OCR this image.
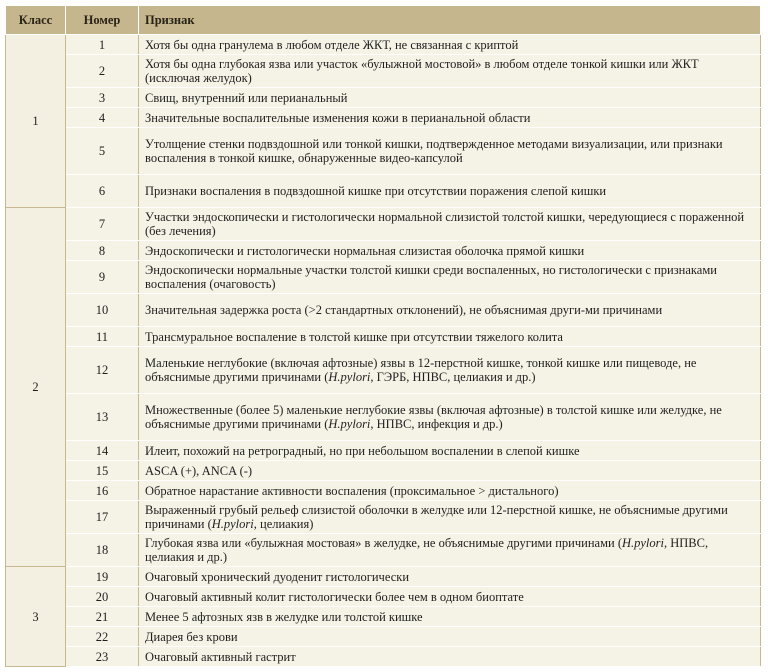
Класс	Номер	Признак
1	1	Хотя бы одна гранулема в любом отделе ЖКТ, не связанная с криптой
	2	Хотя бы одна глубокая язва или участок «булыжной мостовой» в любом отделе тонкой кишки или ЖКТ (исключая желудок)
	3	Свищ, внутренний или перианальный
	4	Значительные воспалительные изменения кожи в перианальной области
	5	Утолщение стенки подвздошной или тонкой кишки, подтвержденное методами визуализации, или признаки воспаления в тонкой кишке, обнаруженные видео-капсулой
	6	Признаки воспаления в подвздошной кишке при отсутствии поражения слепой кишки
2	7	Участки эндоскопически и гистологически нормальной слизистой толстой кишки, чередующиеся с пораженной (без лечения)
	8	Эндоскопически и гистологически нормальная слизистая оболочка прямой кишки
	9	Эндоскопически нормальные участки толстой кишки среди воспаленных, но гистологически с признаками воспаления (очаговость)
	10	Значительная задержка роста (>2 стандартных отклонений), не объяснимая други-ми причинами
	11	Трансмуральное воспаление в толстой кишке при отсутствии тяжелого колита
	12	Маленькие неглубокие (включая афтозные) язвы в 12-перстной кишке, тонкой кишке или пищеводе, не объяснимые другими причинами (H.pylori, ГЭРБ, НПВС, целиакия и др.)
	13	Множественные (более 5) маленькие неглубокие язвы (включая афтозные) в толстой кишке или желудке, не объяснимые другими причинами (H.pylori, НПВС, инфекция и др.)
	14	Илеит, похожий на ретроградный, но при небольшом воспалении в слепой кишке
	15	ASCA (+), ANCA (-)
	16	Обратное нарастание активности воспаления (проксимальное > дистального)
	17	Выраженный грубый рельеф слизистой оболочки в желудке или 12-перстной кишке, не объяснимые другими причинами (H.pylori, целиакия)
	18	Глубокая язва или «булыжная мостовая» в желудке, не объяснимые другими причинами (H.pylori, НПВС, целиакия и др.)
3	19	Очаговый хронический дуоденит гистологически
	20	Очаговый активный колит гистологически более чем в одном биоптате
	21	Менее 5 афтозных язв в желудке или толстой кишке
	22	Диарея без крови
	23	Очаговый активный гастрит
